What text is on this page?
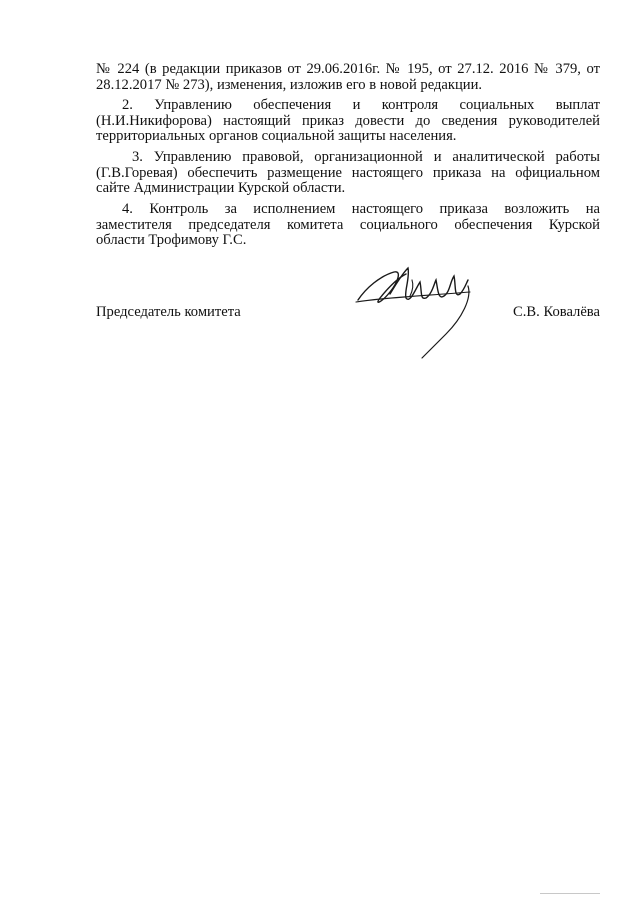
№ 224 (в редакции приказов от 29.06.2016г. № 195, от 27.12. 2016 № 379, от
28.12.2017 № 273), изменения, изложив его в новой редакции.

2. Управлению обеспечения и контроля социальных выплат
(Н.И.Никифорова) настоящий приказ довести до сведения руководителей
территориальных органов социальной защиты населения.

3. Управлению правовой, организационной и аналитической работы
(Г.В.Горевая) обеспечить размещение настоящего приказа на официальном
сайте Администрации Курской области.

4. Контроль за исполнением настоящего приказа возложить на
заместителя председателя комитета социального обеспечения Курской
области Трофимову Г.С.

Председатель комитета	С.В. Ковалёва
